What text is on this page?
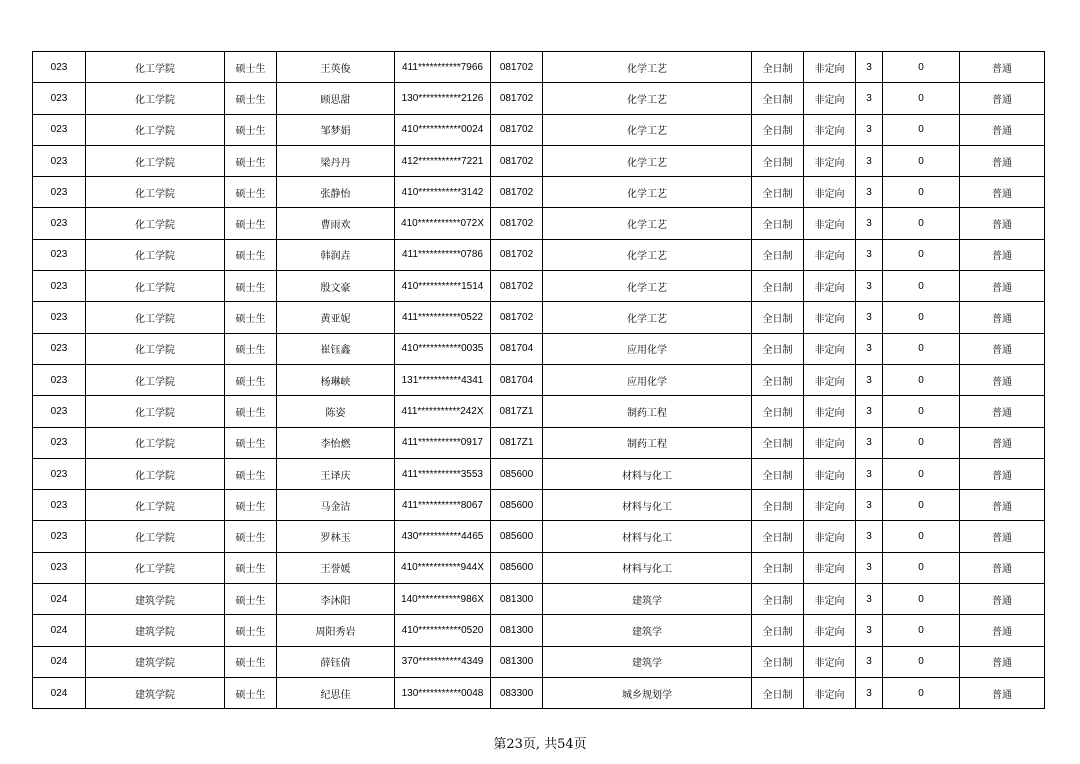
023	化工学院	硕士生	王英俊	411***********7966	081702	化学工艺	全日制	非定向	3	0	普通
023	化工学院	硕士生	顾思甜	130***********2126	081702	化学工艺	全日制	非定向	3	0	普通
023	化工学院	硕士生	邹梦娟	410***********0024	081702	化学工艺	全日制	非定向	3	0	普通
023	化工学院	硕士生	梁丹丹	412***********7221	081702	化学工艺	全日制	非定向	3	0	普通
023	化工学院	硕士生	张静怡	410***********3142	081702	化学工艺	全日制	非定向	3	0	普通
023	化工学院	硕士生	曹雨欢	410***********072X	081702	化学工艺	全日制	非定向	3	0	普通
023	化工学院	硕士生	韩润垚	411***********0786	081702	化学工艺	全日制	非定向	3	0	普通
023	化工学院	硕士生	殷文豪	410***********1514	081702	化学工艺	全日制	非定向	3	0	普通
023	化工学院	硕士生	黄亚妮	411***********0522	081702	化学工艺	全日制	非定向	3	0	普通
023	化工学院	硕士生	崔钰鑫	410***********0035	081704	应用化学	全日制	非定向	3	0	普通
023	化工学院	硕士生	杨琳峡	131***********4341	081704	应用化学	全日制	非定向	3	0	普通
023	化工学院	硕士生	陈姿	411***********242X	0817Z1	制药工程	全日制	非定向	3	0	普通
023	化工学院	硕士生	李怡燃	411***********0917	0817Z1	制药工程	全日制	非定向	3	0	普通
023	化工学院	硕士生	王译庆	411***********3553	085600	材料与化工	全日制	非定向	3	0	普通
023	化工学院	硕士生	马金洁	411***********8067	085600	材料与化工	全日制	非定向	3	0	普通
023	化工学院	硕士生	罗林玉	430***********4465	085600	材料与化工	全日制	非定向	3	0	普通
023	化工学院	硕士生	王誉媛	410***********944X	085600	材料与化工	全日制	非定向	3	0	普通
024	建筑学院	硕士生	李沐阳	140***********986X	081300	建筑学	全日制	非定向	3	0	普通
024	建筑学院	硕士生	周阳秀岩	410***********0520	081300	建筑学	全日制	非定向	3	0	普通
024	建筑学院	硕士生	薛钰倩	370***********4349	081300	建筑学	全日制	非定向	3	0	普通
024	建筑学院	硕士生	纪思佳	130***********0048	083300	城乡规划学	全日制	非定向	3	0	普通
第23页, 共54页
